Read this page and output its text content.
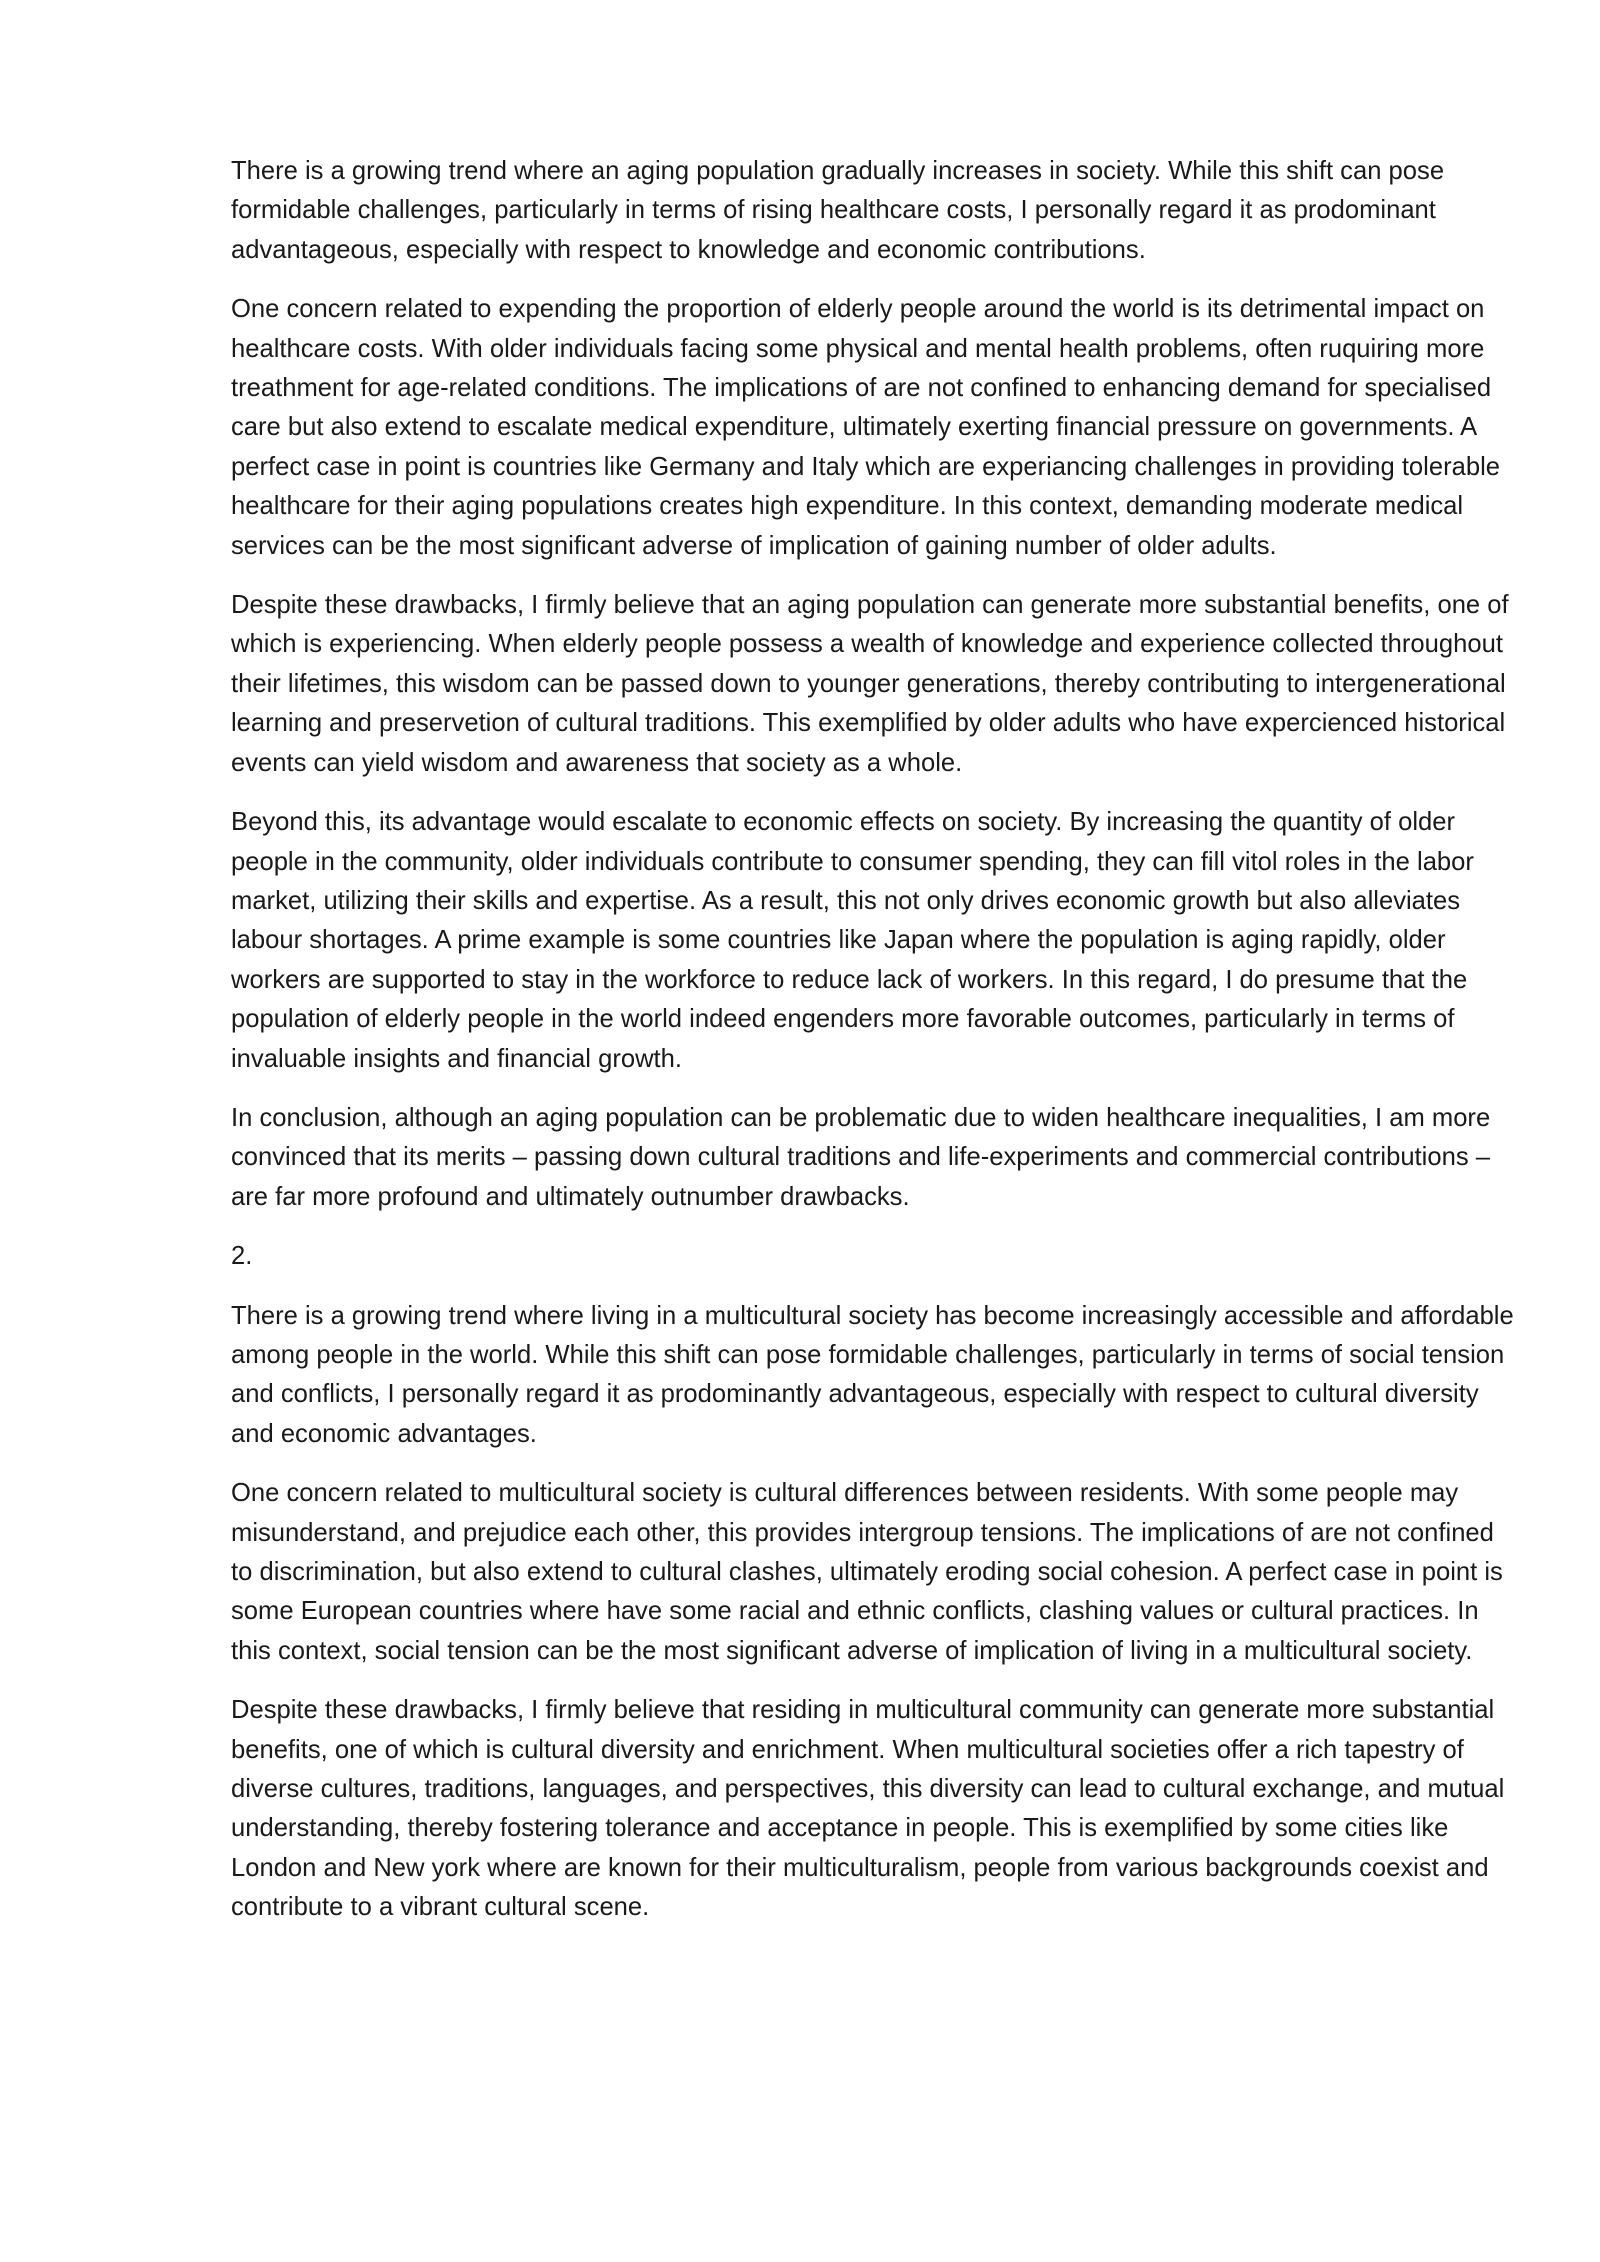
There is a growing trend where an aging population gradually increases in society. While this shift can pose formidable challenges, particularly in terms of rising healthcare costs, I personally regard it as prodominant advantageous, especially with respect to knowledge and economic contributions.

One concern related to expending the proportion of elderly people around the world is its detrimental impact on healthcare costs. With older individuals facing some physical and mental health problems, often ruquiring more treathment for age-related conditions. The implications of are not confined to enhancing demand for specialised care but also extend to escalate medical expenditure, ultimately exerting financial pressure on governments. A perfect case in point is countries like Germany and Italy which are experiancing challenges in providing tolerable healthcare for their aging populations creates high expenditure. In this context, demanding moderate medical services can be the most significant adverse of implication of gaining number of older adults.

Despite these drawbacks, I firmly believe that an aging population can generate more substantial benefits, one of which is experiencing. When elderly people possess a wealth of knowledge and experience collected throughout their lifetimes, this wisdom can be passed down to younger generations, thereby contributing to intergenerational learning and preservetion of cultural traditions. This exemplified by older adults who have expercienced historical events can yield wisdom and awareness that society as a whole.

Beyond this, its advantage would escalate to economic effects on society. By increasing the quantity of older people in the community, older individuals contribute to consumer spending, they can fill vitol roles in the labor market, utilizing their skills and expertise. As a result, this not only drives economic growth but also alleviates labour shortages. A prime example is some countries like Japan where the population is aging rapidly, older workers are supported to stay in the workforce to reduce lack of workers. In this regard, I do presume that the population of elderly people in the world indeed engenders more favorable outcomes, particularly in terms of invaluable insights and financial growth.

In conclusion, although an aging population can be problematic due to widen healthcare inequalities, I am more convinced that its merits – passing down cultural traditions and life-experiments and commercial contributions – are far more profound and ultimately outnumber drawbacks.

2.

There is a growing trend where living in a multicultural society has become increasingly accessible and affordable among people in the world. While this shift can pose formidable challenges, particularly in terms of social tension and conflicts, I personally regard it as prodominantly advantageous, especially with respect to cultural diversity and economic advantages.

One concern related to multicultural society is cultural differences between residents. With some people may misunderstand, and prejudice each other, this provides intergroup tensions. The implications of are not confined to discrimination, but also extend to cultural clashes, ultimately eroding social cohesion. A perfect case in point is some European countries where have some racial and ethnic conflicts, clashing values or cultural practices. In this context, social tension can be the most significant adverse of implication of living in a multicultural society.

Despite these drawbacks, I firmly believe that residing in multicultural community can generate more substantial benefits, one of which is cultural diversity and enrichment. When multicultural societies offer a rich tapestry of diverse cultures, traditions, languages, and perspectives, this diversity can lead to cultural exchange, and mutual understanding, thereby fostering tolerance and acceptance in people. This is exemplified by some cities like London and New york where are known for their multiculturalism, people from various backgrounds coexist and contribute to a vibrant cultural scene.
